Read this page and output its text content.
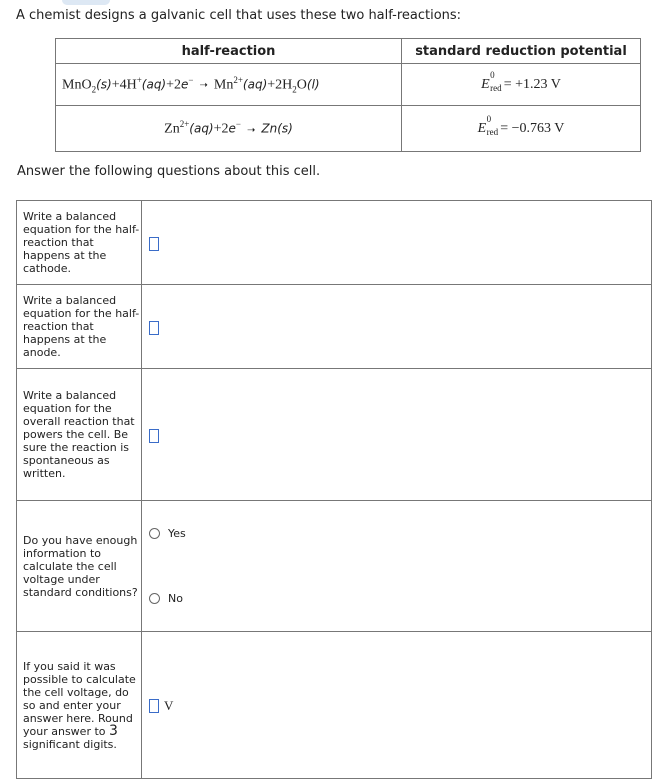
A chemist designs a galvanic cell that uses these two half-reactions:
half-reaction	standard reduction potential
MnO$_2$(s)+4H+(aq)+2e−➝ $Mn^{2+}(aq)+2H_2O(l)$	E
0
red = +1.23 V
$Zn^{2+}(aq)+2e^-➝$ Zn(s)	E
0
red = −0.763 V
Answer the following questions about this cell.
Write a balanced equation for the half-reaction that happens at the cathode.	
Write a balanced equation for the half-reaction that happens at the anode.	
Write a balanced equation for the overall reaction that powers the cell. Be sure the reaction is spontaneous as written.	
Do you have enough information to calculate the cell voltage under standard conditions?	Yes
No

If you said it was possible to calculate the cell voltage, do so and enter your answer here. Round your answer to 3
significant digits.	V
